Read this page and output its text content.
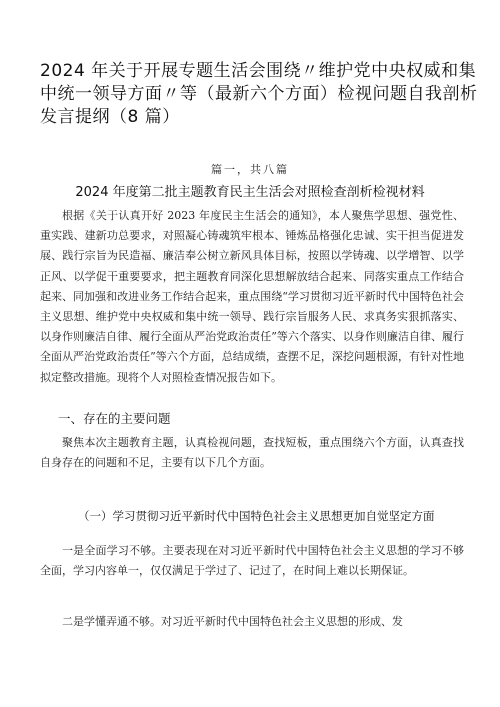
2024 年关于开展专题生活会围绕〃维护党中央权威和集中统一领导方面〃等（最新六个方面）检视问题自我剖析发言提纲（8 篇）
篇一，共八篇
2024 年度第二批主题教育民主生活会对照检查剖析检视材料

根据《关于认真开好 2023 年度民主生活会的通知》，本人聚焦学思想、强党性、重实践、建新功总要求，对照凝心铸魂筑牢根本、锤炼品格强化忠诚、实干担当促进发展、践行宗旨为民造福、廉洁奉公树立新风具体目标，按照以学铸魂、以学增智、以学正风、以学促干重要要求，把主题教育同深化思想解放结合起来、同落实重点工作结合起来、同加强和改进业务工作结合起来，重点围绕“学习贯彻习近平新时代中国特色社会主义思想、维护党中央权威和集中统一领导、践行宗旨服务人民、求真务实狠抓落实、以身作则廉洁自律、履行全面从严治党政治责任”等六个落实、以身作则廉洁自律、履行全面从严治党政治责任”等六个方面，总结成绩，查摆不足，深挖问题根源，有针对性地拟定整改措施。现将个人对照检查情况报告如下。

一、存在的主要问题

聚焦本次主题教育主题，认真检视问题，查找短板，重点围绕六个方面，认真查找自身存在的问题和不足，主要有以下几个方面。

（一）学习贯彻习近平新时代中国特色社会主义思想更加自觉坚定方面

一是全面学习不够。主要表现在对习近平新时代中国特色社会主义思想的学习不够全面，学习内容单一，仅仅满足于学过了、记过了，在时间上难以长期保证。

二是学懂弄通不够。对习近平新时代中国特色社会主义思想的形成、发
